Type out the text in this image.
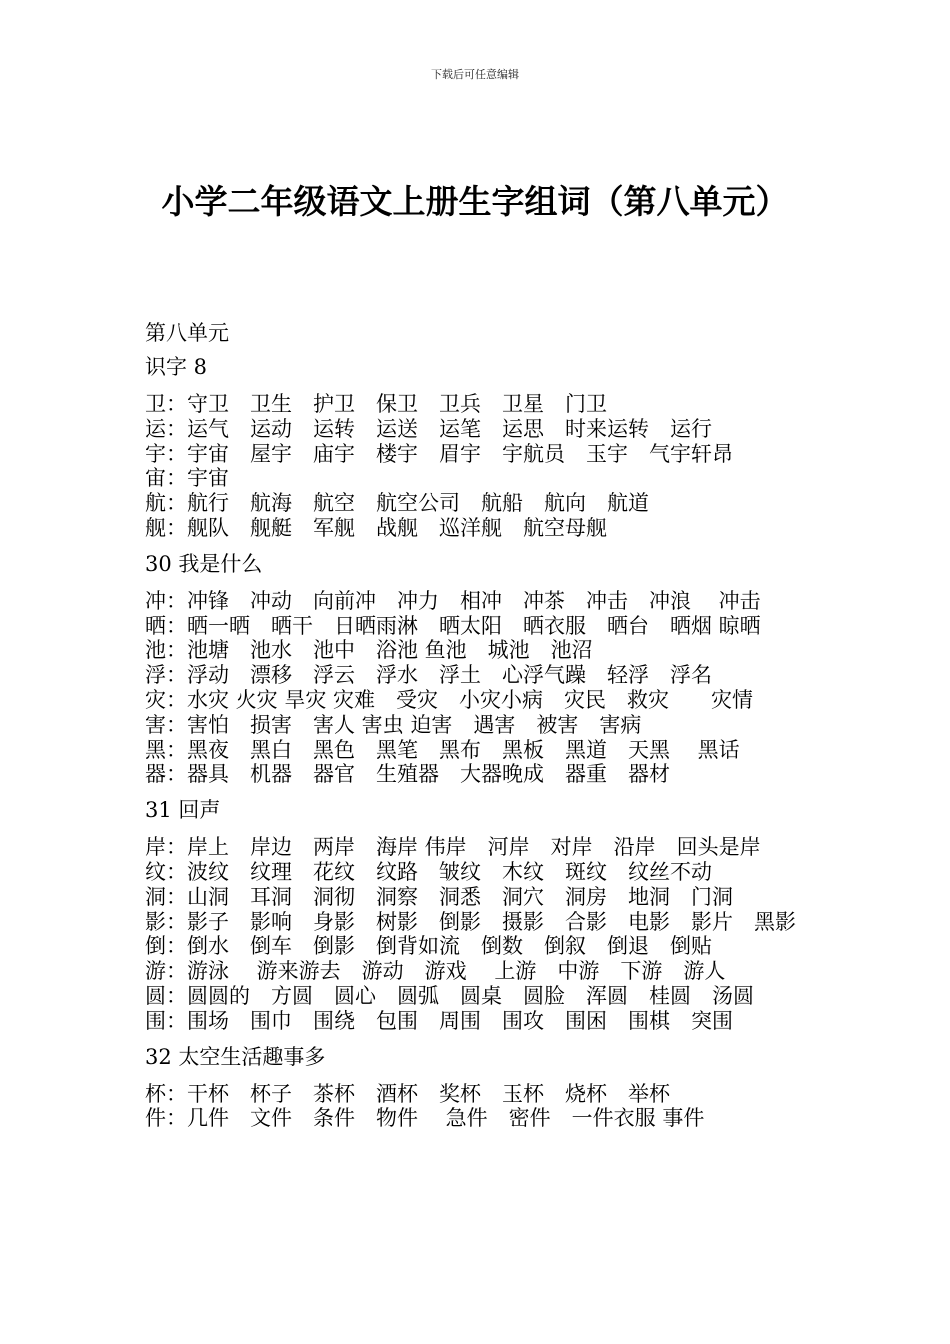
下载后可任意编辑
小学二年级语文上册生字组词（第八单元）
第八单元
识字 8
卫：守卫　卫生　护卫　保卫　卫兵　卫星　门卫
运：运气　运动　运转　运送　运笔　运思　时来运转　运行
宇：宇宙　屋宇　庙宇　楼宇　眉宇　宇航员　玉宇　气宇轩昂
宙：宇宙
航：航行　航海　航空　航空公司　航船　航向　航道
舰：舰队　舰艇　军舰　战舰　巡洋舰　航空母舰
30 我是什么
冲：冲锋　冲动　向前冲　冲力　相冲　冲茶　冲击　冲浪　 冲击
晒：晒一晒　晒干　日晒雨淋　晒太阳　晒衣服　晒台　晒烟 晾晒
池：池塘　池水　池中　浴池 鱼池　城池　池沼
浮：浮动　漂移　浮云　浮水　浮土　心浮气躁　轻浮　浮名
灾：水灾 火灾 旱灾 灾难　受灾　小灾小病　灾民　救灾　　灾情
害：害怕　损害　害人 害虫 迫害　遇害　被害　害病
黑：黑夜　黑白　黑色　黑笔　黑布　黑板　黑道　天黑　 黑话
器：器具　机器　器官　生殖器　大器晚成　器重　器材
31 回声
岸：岸上　岸边　两岸　海岸 伟岸　河岸　对岸　沿岸　回头是岸
纹：波纹　纹理　花纹　纹路　皱纹　木纹　斑纹　纹丝不动
洞：山洞　耳洞　洞彻　洞察　洞悉　洞穴　洞房　地洞　门洞
影：影子　影响　身影　树影　倒影　摄影　合影　电影　影片　黑影
倒：倒水　倒车　倒影　倒背如流　倒数　倒叙　倒退　倒贴
游：游泳　 游来游去　游动　游戏　 上游　中游　下游　游人
圆：圆圆的　方圆　圆心　圆弧　圆桌　圆脸　浑圆　桂圆　汤圆
围：围场　围巾　围绕　包围　周围　围攻　围困　围棋　突围
32 太空生活趣事多
杯：干杯　杯子　茶杯　酒杯　奖杯　玉杯　烧杯　举杯
件：几件　文件　条件　物件　 急件　密件　一件衣服 事件
